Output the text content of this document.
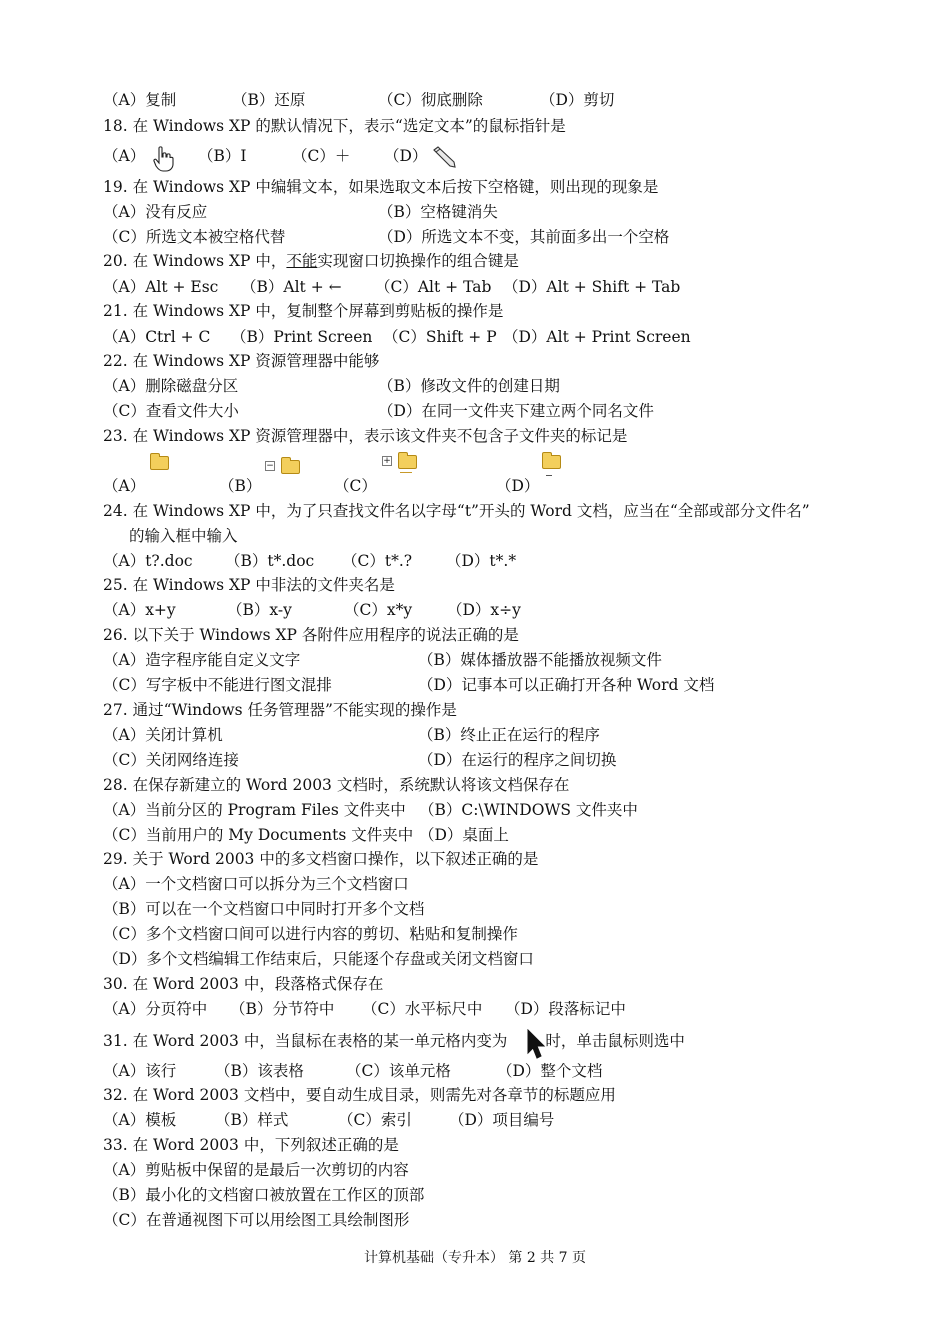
18. 在 Windows XP 的默认情况下，表示“选定文本”的鼠标指针是
19. 在 Windows XP 中编辑文本，如果选取文本后按下空格键，则出现的现象是
21. 在 Windows XP 中，复制整个屏幕到剪贴板的操作是
22. 在 Windows XP 资源管理器中能够
23. 在 Windows XP 资源管理器中，表示该文件夹不包含子文件夹的标记是
24. 在 Windows XP 中，为了只查找文件名以字母“t”开头的 Word 文档，应当在“全部或部分文件名”
25. 在 Windows XP 中非法的文件夹名是
26. 以下关于 Windows XP 各附件应用程序的说法正确的是
27. 通过“Windows 任务管理器”不能实现的操作是
28. 在保存新建立的 Word 2003 文档时，系统默认将该文档保存在
29. 关于 Word 2003 中的多文档窗口操作，以下叙述正确的是
30. 在 Word 2003 中，段落格式保存在
32. 在 Word 2003 文档中，要自动生成目录，则需先对各章节的标题应用
33. 在 Word 2003 中，下列叙述正确的是
（A）复制	（B）还原	（C）彻底删除	（D）剪切
（A）	（B）I	（C）＋ （D）
（A）没有反应	（B）空格键消失
（C）所选文本被空格代替	（D）所选文本不变，其前面多出一个空格
（A）Alt + Esc （B）Alt + ← （C）Alt + Tab （D）Alt + Shift + Tab
（A）Ctrl + C （B）Print Screen （C）Shift + P （D）Alt + Print Screen
（A）删除磁盘分区	（B）修改文件的创建日期
（C）查看文件大小	（D）在同一文件夹下建立两个同名文件
（A）	（B）	（C）	（D）
（A）t?.doc （B）t*.doc （C）t*.? （D）t*.*
（A）x+y	（B）x-y	（C）x*y （D）x÷y
（A）造字程序能自定义文字	（B）媒体播放器不能播放视频文件
（C）写字板中不能进行图文混排	（D）记事本可以正确打开各种 Word 文档
（A）关闭计算机	（B）终止正在运行的程序
（C）关闭网络连接	（D）在运行的程序之间切换
（A）当前分区的 Program Files 文件夹中 （B）C:\WINDOWS 文件夹中
（C）当前用户的 My Documents 文件夹中 （D）桌面上
（A）一个文档窗口可以拆分为三个文档窗口
（B）可以在一个文档窗口中同时打开多个文档
（C）多个文档窗口间可以进行内容的剪切、粘贴和复制操作
（D）多个文档编辑工作结束后，只能逐个存盘或关闭文档窗口
（A）分页符中 （B）分节符中 （C）水平标尺中 （D）段落标记中
（A）该行	（B）该表格	（C）该单元格	（D）整个文档
（A）模板	（B）样式	（C）索引 （D）项目编号
（A）剪贴板中保留的是最后一次剪切的内容
（B）最小化的文档窗口被放置在工作区的顶部
（C）在普通视图下可以用绘图工具绘制图形
20. 在 Windows XP 中，不能实现窗口切换操作的组合键是
的输入框中输入
31. 在 Word 2003 中，当鼠标在表格的某一单元格内变为 时，单击鼠标则选中
−	+
计算机基础（专升本） 第 2 共 7 页
